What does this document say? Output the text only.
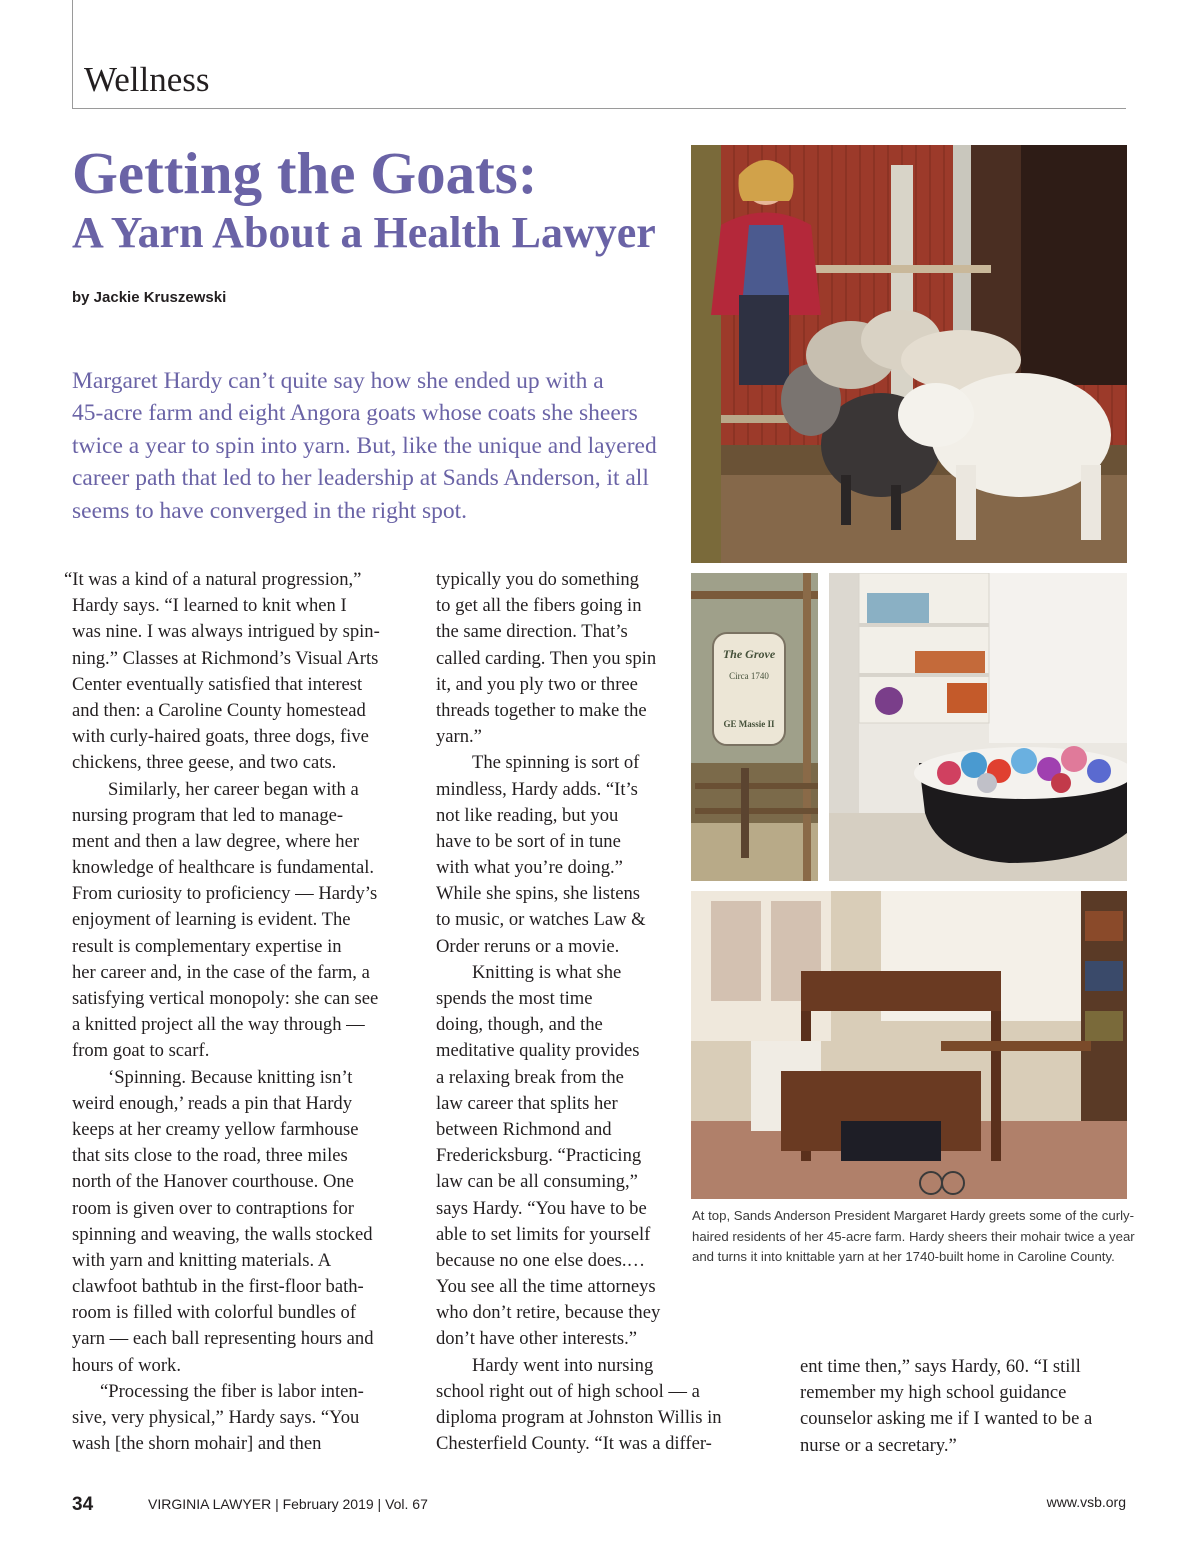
Wellness
Getting the Goats:
A Yarn About a Health Lawyer
by Jackie Kruszewski
Margaret Hardy can’t quite say how she ended up with a
45-acre farm and eight Angora goats whose coats she sheers
twice a year to spin into yarn. But, like the unique and layered
career path that led to her leadership at Sands Anderson, it all
seems to have converged in the right spot.
“It was a kind of a natural progression,”
Hardy says. “I learned to knit when I
was nine. I was always intrigued by spin-
ning.” Classes at Richmond’s Visual Arts
Center eventually satisfied that interest
and then: a Caroline County homestead
with curly-haired goats, three dogs, five
chickens, three geese, and two cats.
Similarly, her career began with a
nursing program that led to manage-
ment and then a law degree, where her
knowledge of healthcare is fundamental.
From curiosity to proficiency — Hardy’s
enjoyment of learning is evident. The
result is complementary expertise in
her career and, in the case of the farm, a
satisfying vertical monopoly: she can see
a knitted project all the way through —
from goat to scarf.
‘Spinning. Because knitting isn’t
weird enough,’ reads a pin that Hardy
keeps at her creamy yellow farmhouse
that sits close to the road, three miles
north of the Hanover courthouse. One
room is given over to contraptions for
spinning and weaving, the walls stocked
with yarn and knitting materials. A
clawfoot bathtub in the first-floor bath-
room is filled with colorful bundles of
yarn — each ball representing hours and
hours of work.
“Processing the fiber is labor inten-
sive, very physical,” Hardy says. “You
wash [the shorn mohair] and then
typically you do something
to get all the fibers going in
the same direction. That’s
called carding. Then you spin
it, and you ply two or three
threads together to make the
yarn.”
The spinning is sort of
mindless, Hardy adds. “It’s
not like reading, but you
have to be sort of in tune
with what you’re doing.”
While she spins, she listens
to music, or watches Law &
Order reruns or a movie.
Knitting is what she
spends the most time
doing, though, and the
meditative quality provides
a relaxing break from the
law career that splits her
between Richmond and
Fredericksburg. “Practicing
law can be all consuming,”
says Hardy. “You have to be
able to set limits for yourself
because no one else does.…
You see all the time attorneys
who don’t retire, because they
don’t have other interests.”
Hardy went into nursing
school right out of high school — a
diploma program at Johnston Willis in
Chesterfield County. “It was a differ-
ent time then,” says Hardy, 60. “I still
remember my high school guidance
counselor asking me if I wanted to be a
nurse or a secretary.”
The Grove
Circa 1740
GE Massie II
At top, Sands Anderson President Margaret Hardy greets some of the curly-
haired residents of her 45-acre farm. Hardy sheers their mohair twice a year
and turns it into knittable yarn at her 1740-built home in Caroline County.
34	VIRGINIA LAWYER | February 2019 | Vol. 67	www.vsb.org
